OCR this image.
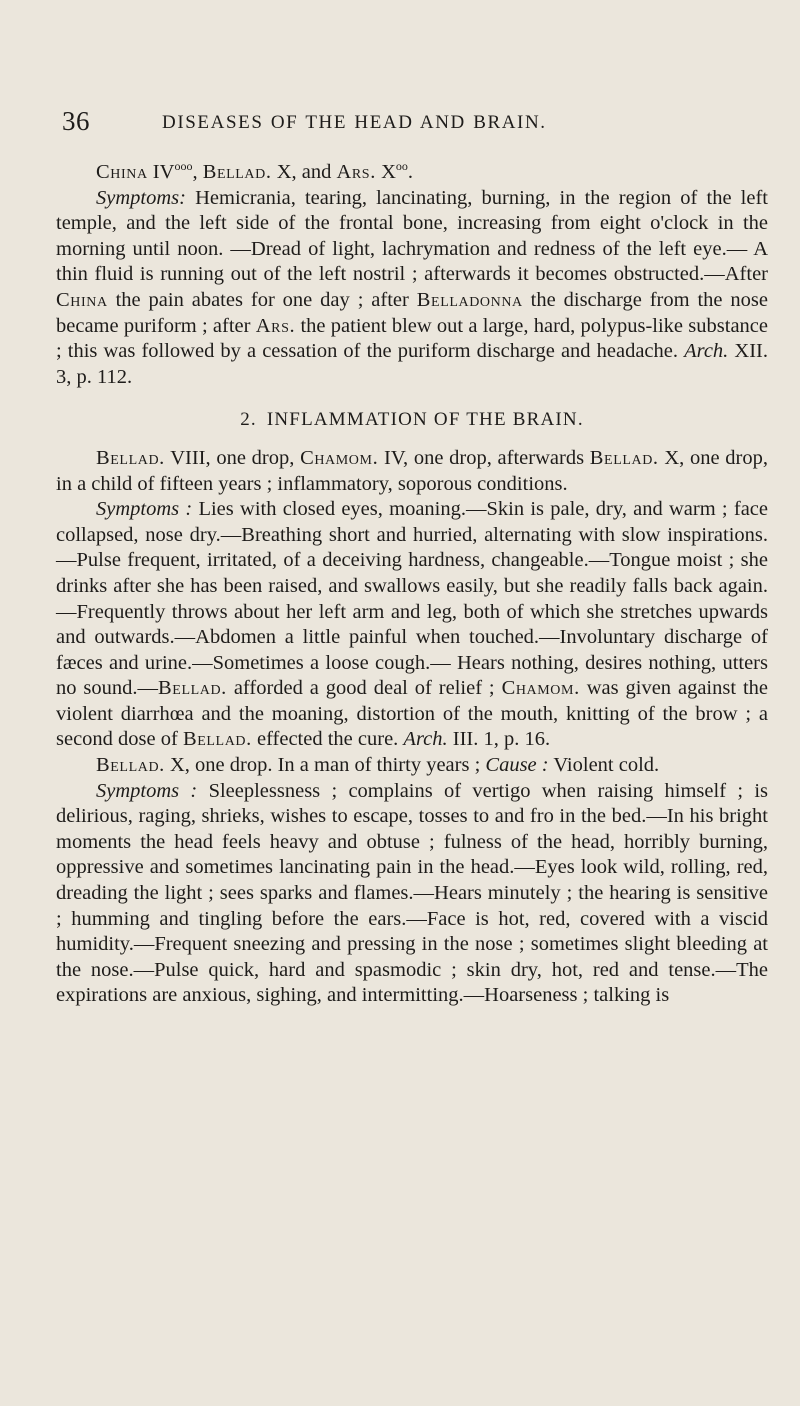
36	DISEASES OF THE HEAD AND BRAIN.

China $IV^{ooo}$, Bellad. X, and Ars. $X^{oo}$.

Symptoms: Hemicrania, tearing, lancinating, burning, in the region of the left temple, and the left side of the frontal bone, increasing from eight o'clock in the morning until noon. —Dread of light, lachrymation and redness of the left eye.— A thin fluid is running out of the left nostril ; afterwards it becomes obstructed.—After China the pain abates for one day ; after Belladonna the discharge from the nose became puriform ; after Ars. the patient blew out a large, hard, polypus-like substance ; this was followed by a cessation of the puriform discharge and headache. Arch. XII. 3, p. 112.

2. INFLAMMATION OF THE BRAIN.

Bellad. VIII, one drop, Chamom. IV, one drop, afterwards Bellad. X, one drop, in a child of fifteen years ; inflammatory, soporous conditions.

Symptoms : Lies with closed eyes, moaning.—Skin is pale, dry, and warm ; face collapsed, nose dry.—Breathing short and hurried, alternating with slow inspirations.—Pulse frequent, irritated, of a deceiving hardness, changeable.—Tongue moist ; she drinks after she has been raised, and swallows easily, but she readily falls back again.—Frequently throws about her left arm and leg, both of which she stretches upwards and outwards.—Abdomen a little painful when touched.—Involuntary discharge of fæces and urine.—Sometimes a loose cough.— Hears nothing, desires nothing, utters no sound.—Bellad. afforded a good deal of relief ; Chamom. was given against the violent diarrhœa and the moaning, distortion of the mouth, knitting of the brow ; a second dose of Bellad. effected the cure. Arch. III. 1, p. 16.

Bellad. X, one drop. In a man of thirty years ; Cause : Violent cold.

Symptoms : Sleeplessness ; complains of vertigo when raising himself ; is delirious, raging, shrieks, wishes to escape, tosses to and fro in the bed.—In his bright moments the head feels heavy and obtuse ; fulness of the head, horribly burning, oppressive and sometimes lancinating pain in the head.—Eyes look wild, rolling, red, dreading the light ; sees sparks and flames.—Hears minutely ; the hearing is sensitive ; humming and tingling before the ears.—Face is hot, red, covered with a viscid humidity.—Frequent sneezing and pressing in the nose ; sometimes slight bleeding at the nose.—Pulse quick, hard and spasmodic ; skin dry, hot, red and tense.—The expirations are anxious, sighing, and intermitting.—Hoarseness ; talking is
